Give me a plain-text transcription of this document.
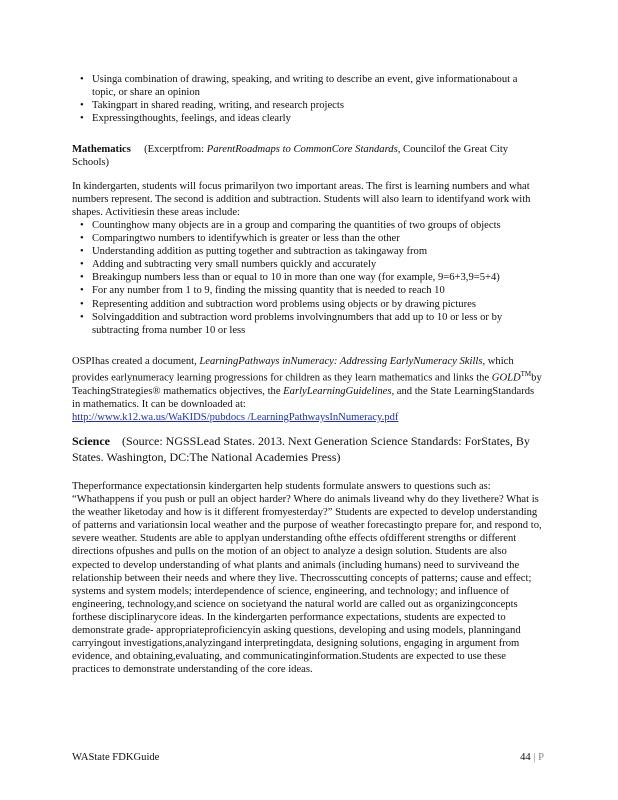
• Usinga combination of drawing, speaking, and writing to describe an event, give informationabout a topic, or share an opinion
• Takingpart in shared reading, writing, and research projects
• Expressingthoughts, feelings, and ideas clearly

Mathematics (Excerptfrom: ParentRoadmaps to CommonCore Standards, Councilof the Great City Schools)

In kindergarten, students will focus primarilyon two important areas. The first is learning numbers and what numbers represent. The second is addition and subtraction. Students will also learn to identifyand work with shapes. Activitiesin these areas include:

• Countinghow many objects are in a group and comparing the quantities of two groups of objects
• Comparingtwo numbers to identifywhich is greater or less than the other
• Understanding addition as putting together and subtraction as takingaway from
• Adding and subtracting very small numbers quickly and accurately
• Breakingup numbers less than or equal to 10 in more than one way (for example, 9=6+3,9=5+4)
• For any number from 1 to 9, finding the missing quantity that is needed to reach 10
• Representing addition and subtraction word problems using objects or by drawing pictures
• Solvingaddition and subtraction word problems involvingnumbers that add up to 10 or less or by subtracting froma number 10 or less

OSPIhas created a document, LearningPathways inNumeracy: Addressing EarlyNumeracy Skills, which provides earlynumeracy learning progressions for children as they learn mathematics and links the GOLD™by TeachingStrategies® mathematics objectives, the EarlyLearningGuidelines, and the State LearningStandards in mathematics. It can be downloaded at:
http://www.k12.wa.us/WaKIDS/pubdocs /LearningPathwaysInNumeracy.pdf

Science (Source: NGSSLead States. 2013. Next Generation Science Standards: ForStates, By States. Washington, DC:The National Academies Press)

Theperformance expectationsin kindergarten help students formulate answers to questions such as: “Whathappens if you push or pull an object harder? Where do animals liveand why do they livethere? What is the weather liketoday and how is it different fromyesterday?” Students are expected to develop understanding of patterns and variationsin local weather and the purpose of weather forecastingto prepare for, and respond to, severe weather. Students are able to applyan understanding ofthe effects ofdifferent strengths or different directions ofpushes and pulls on the motion of an object to analyze a design solution. Students are also expected to develop understanding of what plants and animals (including humans) need to surviveand the relationship between their needs and where they live. Thecrosscutting concepts of patterns; cause and effect; systems and system models; interdependence of science, engineering, and technology; and influence of engineering, technology,and science on societyand the natural world are called out as organizingconcepts forthese disciplinarycore ideas. In the kindergarten performance expectations, students are expected to demonstrate grade‐ appropriateproficiencyin asking questions, developing and using models, planningand carryingout investigations,analyzingand interpretingdata, designing solutions, engaging in argument from evidence, and obtaining,evaluating, and communicatinginformation.Students are expected to use these practices to demonstrate understanding of the core ideas.

WAState FDKGuide	44 | P
